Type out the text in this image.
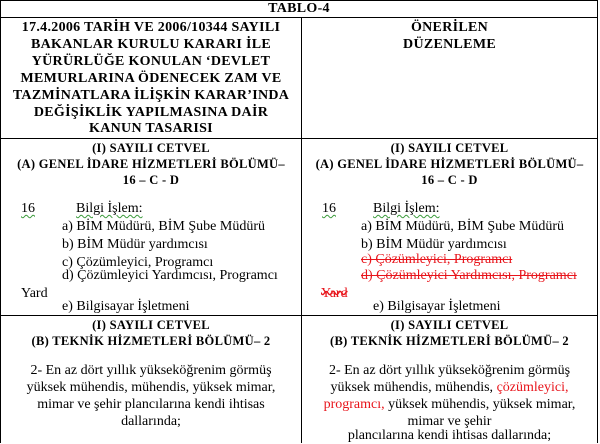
TABLO-4
17.4.2006 TARİH VE 2006/10344 SAYILI
BAKANLAR KURULU KARARI İLE
YÜRÜRLÜĞE KONULAN ‘DEVLET
MEMURLARINA ÖDENECEK ZAM VE
TAZMİNATLARA İLİŞKİN KARAR’INDA
DEĞİŞİKLİK YAPILMASINA DAİR
KANUN TASARISI
ÖNERİLEN
DÜZENLEME
(I) SAYILI CETVEL
(A) GENEL İDARE HİZMETLERİ BÖLÜMÜ–
16 – C - D
16	Bilgi İşlem:
a) BİM Müdürü, BİM Şube Müdürü
b) BİM Müdür yardımcısı
c) Çözümleyici, Programcı
d) Çözümleyici Yardımcısı, Programcı
Yard
e) Bilgisayar İşletmeni
(I) SAYILI CETVEL
(A) GENEL İDARE HİZMETLERİ BÖLÜMÜ–
16 – C - D
16	Bilgi İşlem:
a) BİM Müdürü, BİM Şube Müdürü
b) BİM Müdür yardımcısı
c) Çözümleyici, Programcı
d) Çözümleyici Yardımcısı, Programcı
Yard
e) Bilgisayar İşletmeni
(I) SAYILI CETVEL
(B) TEKNİK HİZMETLERİ BÖLÜMÜ– 2
2- En az dört yıllık yükseköğrenim görmüş
yüksek mühendis, mühendis, yüksek mimar,
mimar ve şehir plancılarına kendi ihtisas
dallarında;
(I) SAYILI CETVEL
(B) TEKNİK HİZMETLERİ BÖLÜMÜ– 2
2- En az dört yıllık yükseköğrenim görmüş
yüksek mühendis, mühendis, çözümleyici,
programcı, yüksek mühendis, yüksek mimar,
mimar ve şehir
plancılarına kendi ihtisas dallarında;
